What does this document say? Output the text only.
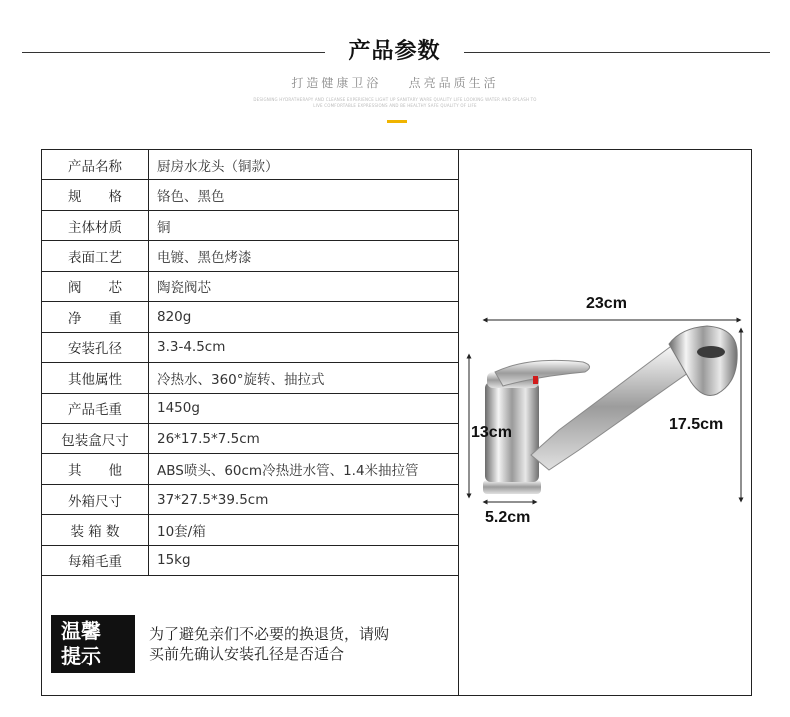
产品参数
打造健康卫浴    点亮品质生活
DESIGNING HYDRATHERAPY AND CLEANSE EXPERIENCE LIGHT UP SANITARY WARE QUALITY LIFE LOOKING WATER AND SPLASH TO
LIVE COMFORTABLE EXPRESSIONS AND BE HEALTHY SAFE QUALITY OF LIFE
产品名称	厨房水龙头（铜款）
规　　格	铬色、黑色
主体材质	铜
表面工艺	电镀、黑色烤漆
阀　　芯	陶瓷阀芯
净　　重	820g
安装孔径	3.3-4.5cm
其他属性	冷热水、360°旋转、抽拉式
产品毛重	1450g
包装盒尺寸	26*17.5*7.5cm
其　　他	ABS喷头、60cm冷热进水管、1.4米抽拉管
外箱尺寸	37*27.5*39.5cm
装 箱 数	10套/箱
每箱毛重	15kg
温馨
提示
为了避免亲们不必要的换退货，请购
买前先确认安装孔径是否适合
23cm
13cm	17.5cm
5.2cm
